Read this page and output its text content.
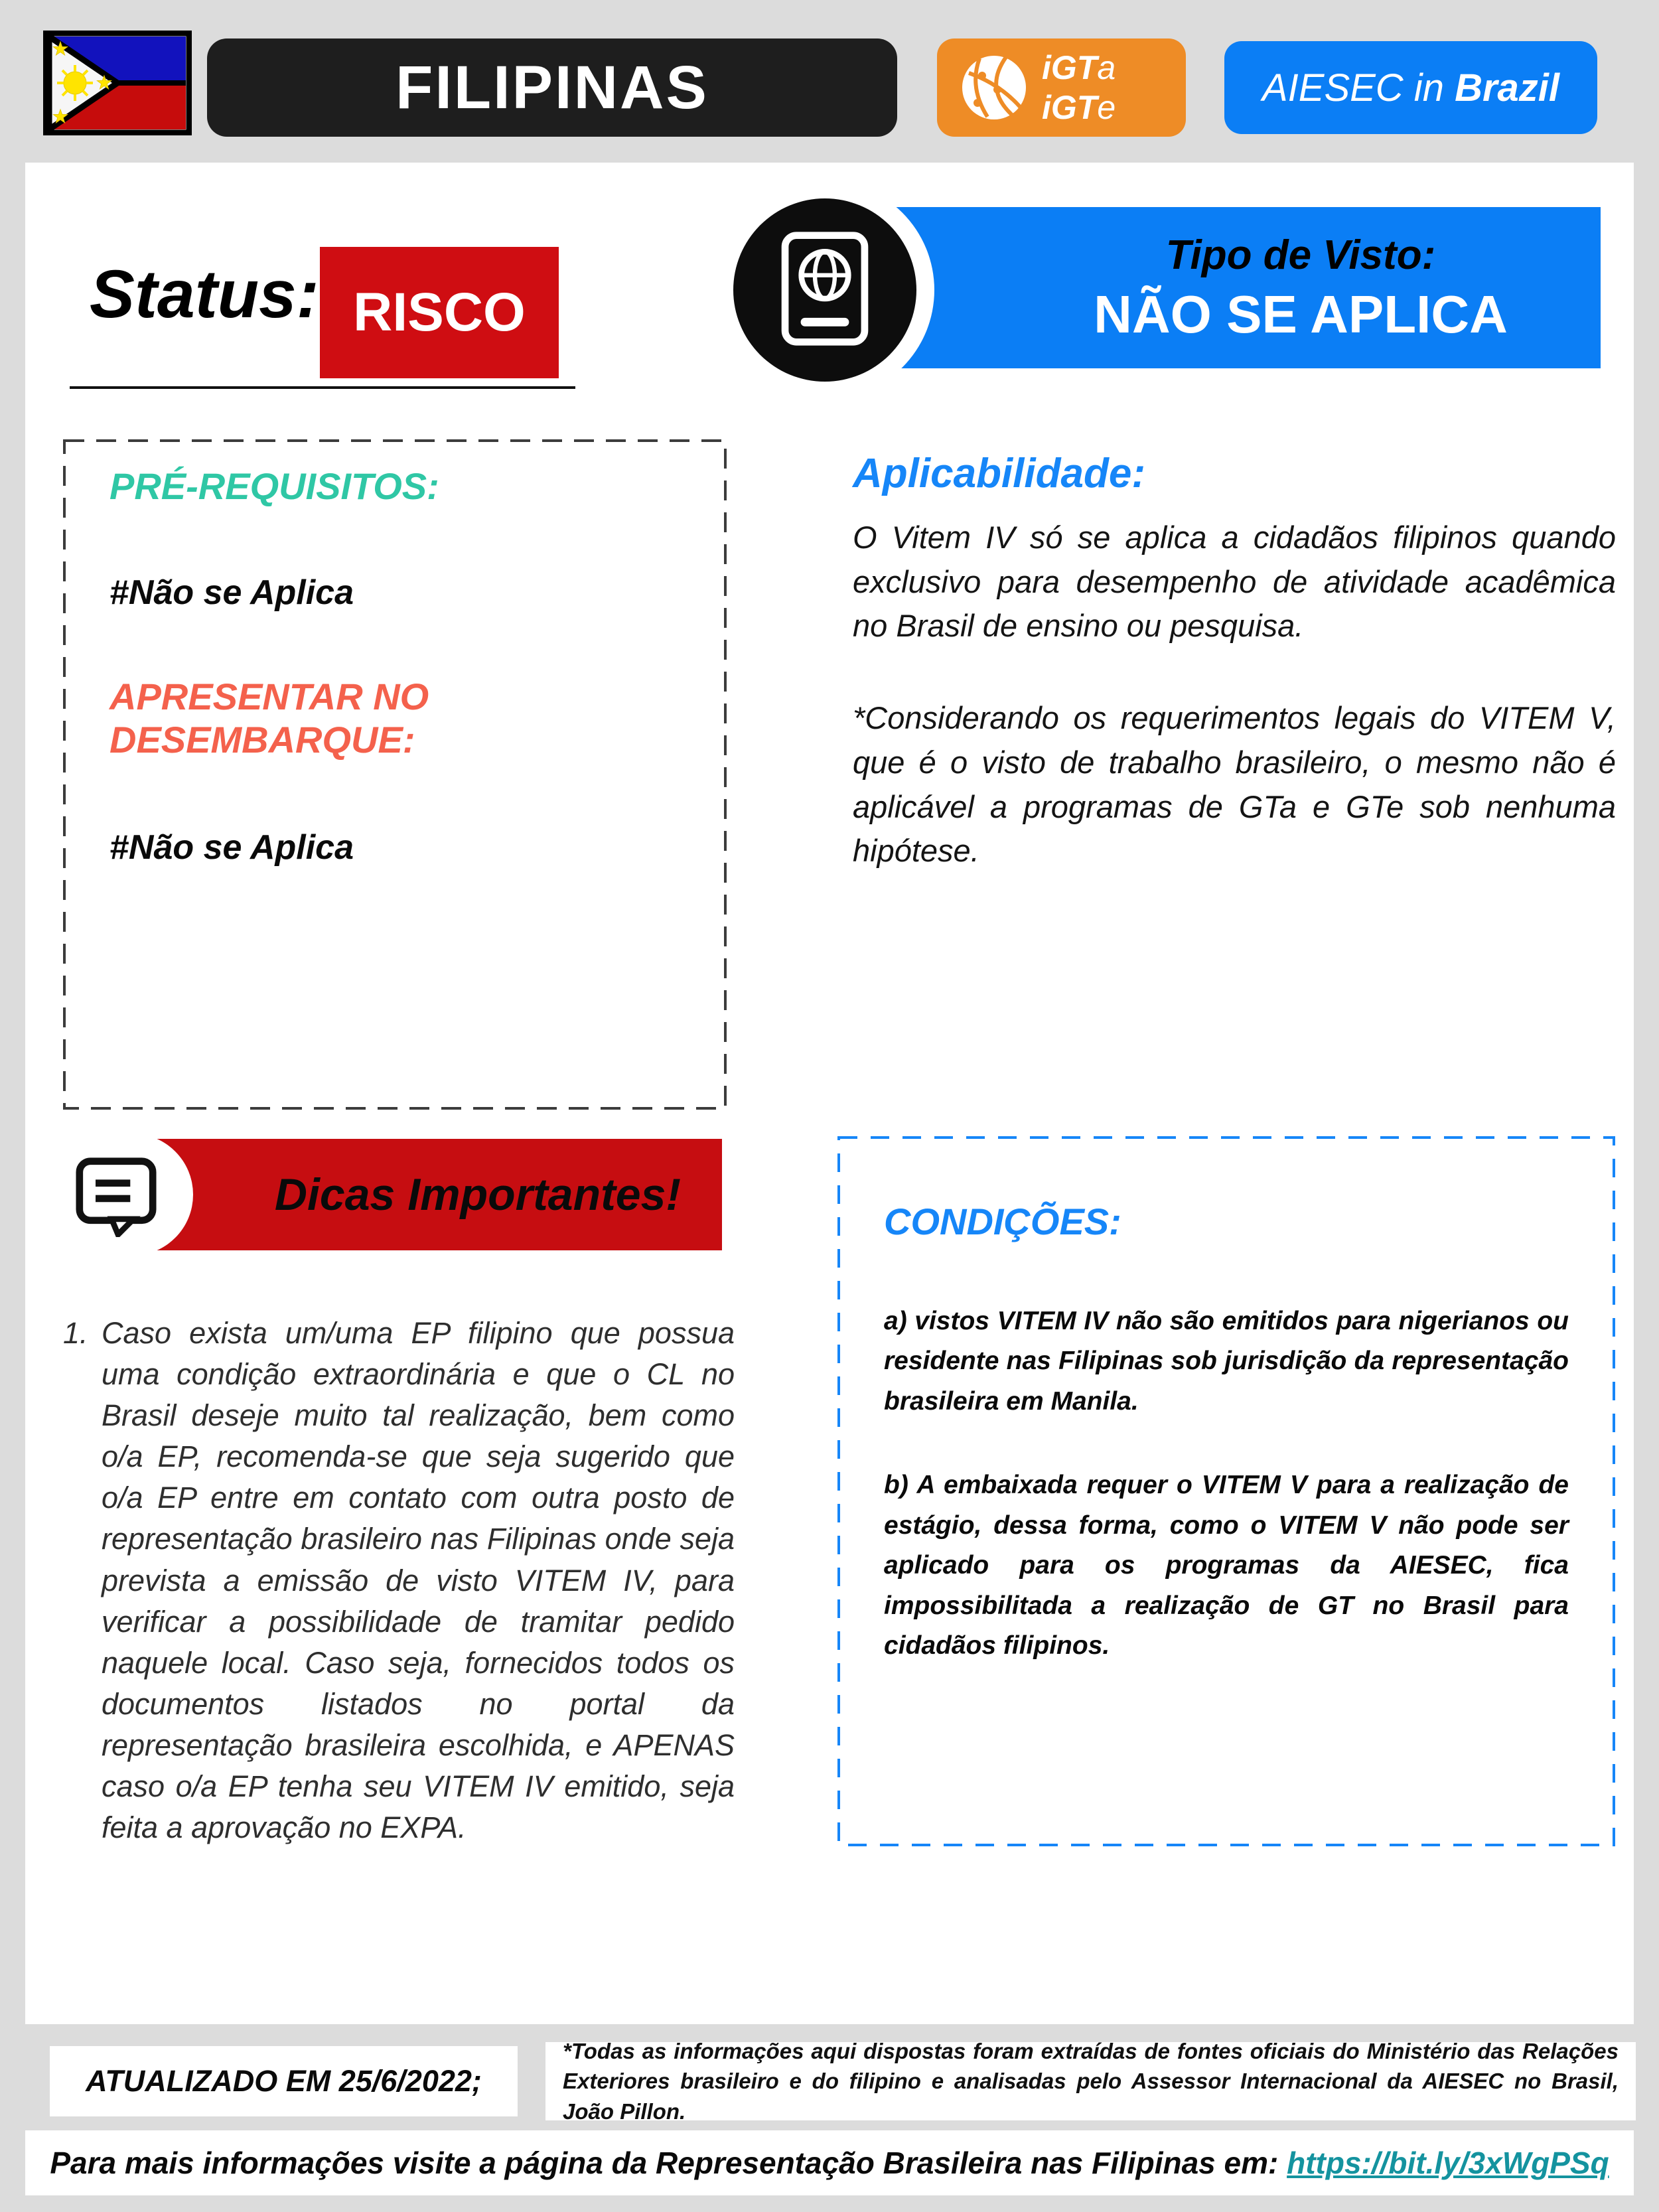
FILIPINAS	iGTa
iGTe	AIESEC in Brazil
Status: RISCO
Tipo de Visto:
NÃO SE APLICA
PRÉ-REQUISITOS:
#Não se Aplica
APRESENTAR NO DESEMBARQUE:
#Não se Aplica
Aplicabilidade:
O Vitem IV só se aplica a cidadãos filipinos quando exclusivo para desempenho de atividade acadêmica no Brasil de ensino ou pesquisa.
*Considerando os requerimentos legais do VITEM V, que é o visto de trabalho brasileiro, o mesmo não é aplicável a programas de GTa e GTe sob nenhuma hipótese.
Dicas Importantes!
1. Caso exista um/uma EP filipino que possua uma condição extraordinária e que o CL no Brasil deseje muito tal realização, bem como o/a EP, recomenda-se que seja sugerido que o/a EP entre em contato com outra posto de representação brasileiro nas Filipinas onde seja prevista a emissão de visto VITEM IV, para verificar a possibilidade de tramitar pedido naquele local. Caso seja, fornecidos todos os documentos listados no portal da representação brasileira escolhida, e APENAS caso o/a EP tenha seu VITEM IV emitido, seja feita a aprovação no EXPA.
CONDIÇÕES:
a) vistos VITEM IV não são emitidos para nigerianos ou residente nas Filipinas sob jurisdição da representação brasileira em Manila.
b) A embaixada requer o VITEM V para a realização de estágio, dessa forma, como o VITEM V não pode ser aplicado para os programas da AIESEC, fica impossibilitada a realização de GT no Brasil para cidadãos filipinos.
ATUALIZADO EM 25/6/2022;
*Todas as informações aqui dispostas foram extraídas de fontes oficiais do Ministério das Relações Exteriores brasileiro e do filipino e analisadas pelo Assessor Internacional da AIESEC no Brasil, João Pillon.
Para mais informações visite a página da Representação Brasileira nas Filipinas em: https://bit.ly/3xWgPSq
